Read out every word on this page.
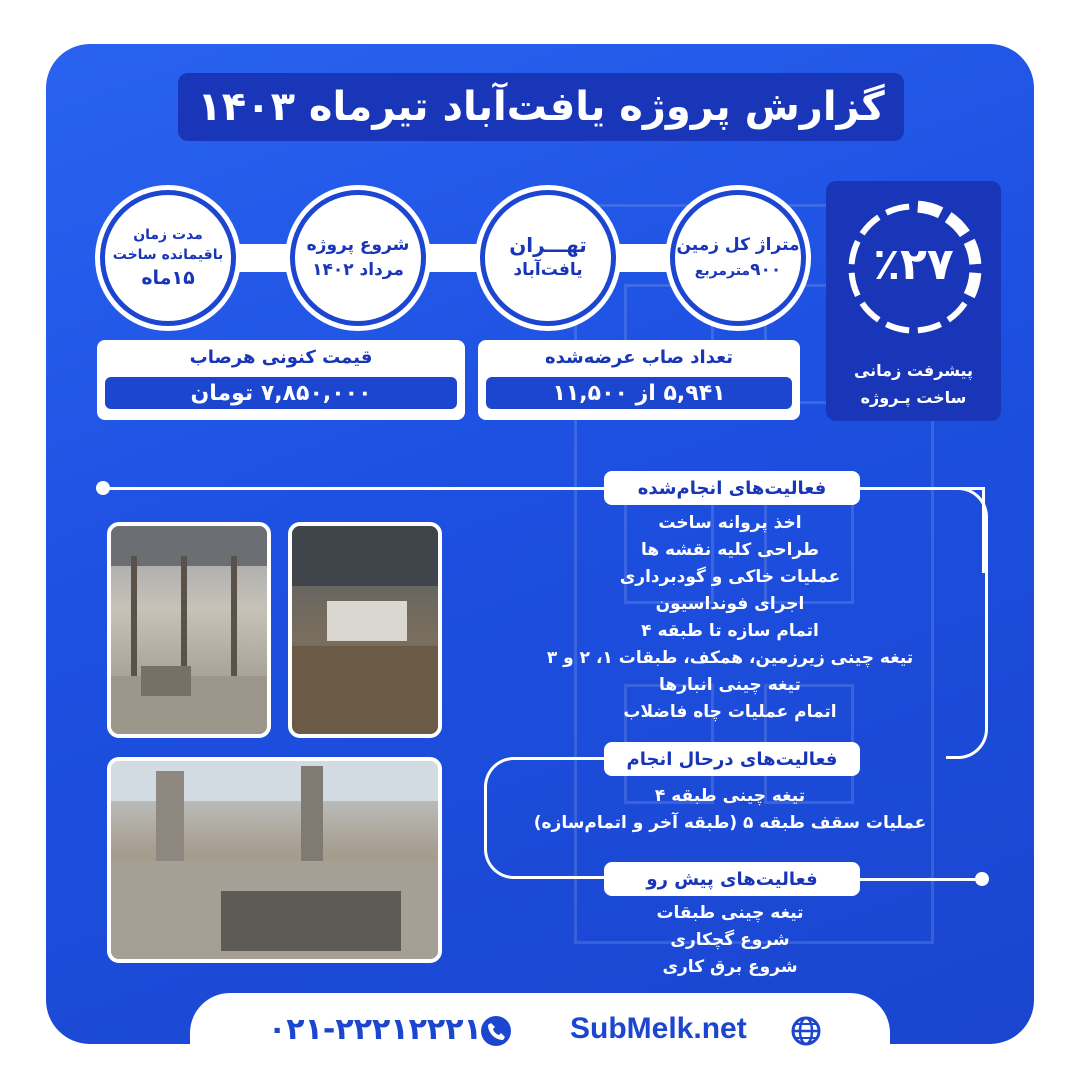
گزارش پروژه یافت‌آباد تیرماه ۱۴۰۳
٪۲۷
پیشرفت زمانی
ساخت پـروژه
متراژ کل زمین
۹۰۰مترمربع
تهـــران
یافت‌آباد
شروع پروژه
مرداد ۱۴۰۲
مدت زمان
باقیمانده ساخت
۱۵ماه
تعداد صاب عرضه‌شده
۵,۹۴۱ از ۱۱,۵۰۰
قیمت کنونی هرصاب
۷,۸۵۰,۰۰۰ تومان
فعالیت‌های انجام‌شده
فعالیت‌های درحال انجام
فعالیت‌های پیش رو
اخذ پروانه ساخت
طراحی کلیه نقشه ها
عملیات خاکی و گودبرداری
اجرای فونداسیون
اتمام سازه تا طبقه ۴
تیغه چینی زیرزمین، همکف، طبقات ۱، ۲ و ۳
تیغه چینی انبارها
اتمام عملیات چاه فاضلاب
تیغه چینی طبقه ۴
عملیات سقف طبقه ۵ (طبقه آخر و اتمام‌سازه)
تیغه چینی طبقات
شروع گچکاری
شروع برق کاری
SubMelk.net
۰۲۱-۲۲۲۱۲۲۲۱
